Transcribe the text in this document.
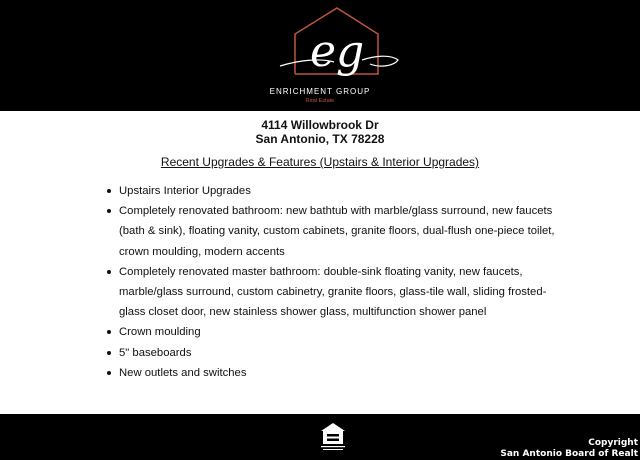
eg
ENRICHMENT GROUP
Real Estate
4114 Willowbrook Dr
San Antonio, TX 78228
Recent Upgrades & Features (Upstairs & Interior Upgrades)
Upstairs Interior Upgrades
Completely renovated bathroom: new bathtub with marble/glass surround, new faucets (bath & sink), floating vanity, custom cabinets, granite floors, dual-flush one-piece toilet, crown moulding, modern accents
Completely renovated master bathroom: double-sink floating vanity, new faucets, marble/glass surround, custom cabinetry, granite floors, glass-tile wall, sliding frosted-glass closet door, new stainless shower glass, multifunction shower panel
Crown moulding
5" baseboards
New outlets and switches
Copyright
San Antonio Board of Realt
